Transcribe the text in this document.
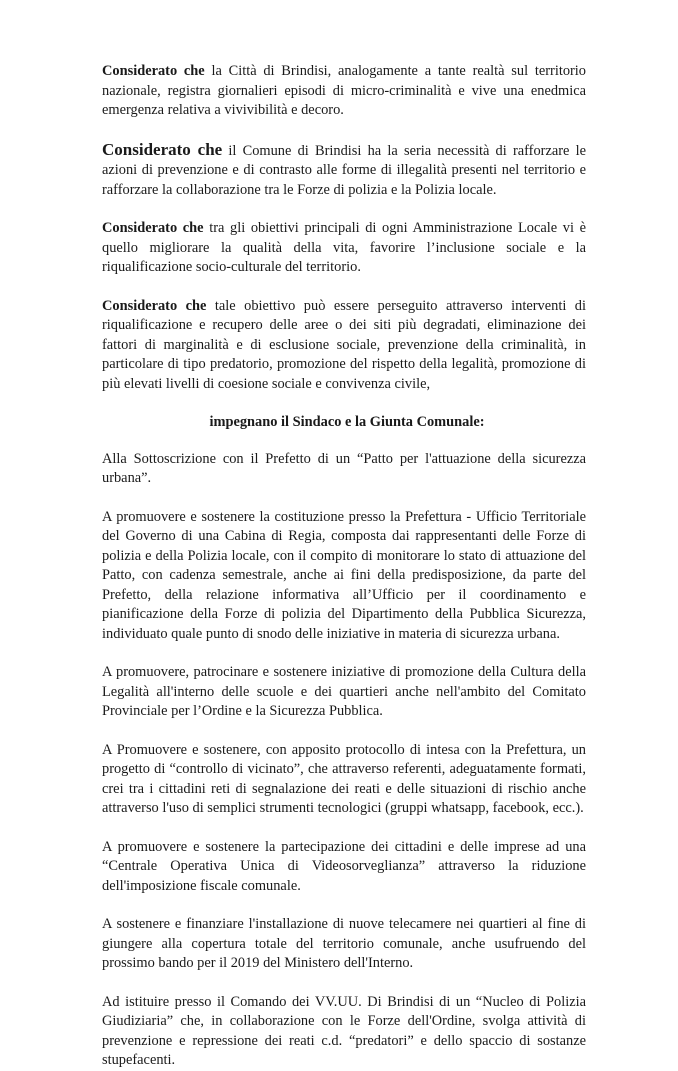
Considerato che la Città di Brindisi, analogamente a tante realtà sul territorio nazionale, registra giornalieri episodi di micro-criminalità e vive una enedmica emergenza relativa a vivivibilità e decoro.

Considerato che il Comune di Brindisi ha la seria necessità di rafforzare le azioni di prevenzione e di contrasto alle forme di illegalità presenti nel territorio e rafforzare la collaborazione tra le Forze di polizia e la Polizia locale.

Considerato che tra gli obiettivi principali di ogni Amministrazione Locale vi è quello migliorare la qualità della vita, favorire l’inclusione sociale e la riqualificazione socio-culturale del territorio.

Considerato che tale obiettivo può essere perseguito attraverso interventi di riqualificazione e recupero delle aree o dei siti più degradati, eliminazione dei fattori di marginalità e di esclusione sociale, prevenzione della criminalità, in particolare di tipo predatorio, promozione del rispetto della legalità, promozione di più elevati livelli di coesione sociale e convivenza civile,

impegnano il Sindaco e la Giunta Comunale:

Alla Sottoscrizione con il Prefetto di un “Patto per l'attuazione della sicurezza urbana”.

A promuovere e sostenere la costituzione presso la Prefettura - Ufficio Territoriale del Governo di una Cabina di Regia, composta dai rappresentanti delle Forze di polizia e della Polizia locale, con il compito di monitorare lo stato di attuazione del Patto, con cadenza semestrale, anche ai fini della predisposizione, da parte del Prefetto, della relazione informativa all’Ufficio per il coordinamento e pianificazione della Forze di polizia del Dipartimento della Pubblica Sicurezza, individuato quale punto di snodo delle iniziative in materia di sicurezza urbana.

A promuovere, patrocinare e sostenere iniziative di promozione della Cultura della Legalità all'interno delle scuole e dei quartieri anche nell'ambito del Comitato Provinciale per l’Ordine e la Sicurezza Pubblica.

A Promuovere e sostenere, con apposito protocollo di intesa con la Prefettura, un progetto di “controllo di vicinato”, che attraverso referenti, adeguatamente formati, crei tra i cittadini reti di segnalazione dei reati e delle situazioni di rischio anche attraverso l'uso di semplici strumenti tecnologici (gruppi whatsapp, facebook, ecc.).

A promuovere e sostenere la partecipazione dei cittadini e delle imprese ad una “Centrale Operativa Unica di Videosorveglianza” attraverso la riduzione dell'imposizione fiscale comunale.

A sostenere e finanziare l'installazione di nuove telecamere nei quartieri al fine di giungere alla copertura totale del territorio comunale, anche usufruendo del prossimo bando per il 2019 del Ministero dell'Interno.

Ad istituire presso il Comando dei VV.UU. Di Brindisi di un “Nucleo di Polizia Giudiziaria” che, in collaborazione con le Forze dell'Ordine, svolga attività di prevenzione e repressione dei reati c.d. “predatori” e dello spaccio di sostanze stupefacenti.
